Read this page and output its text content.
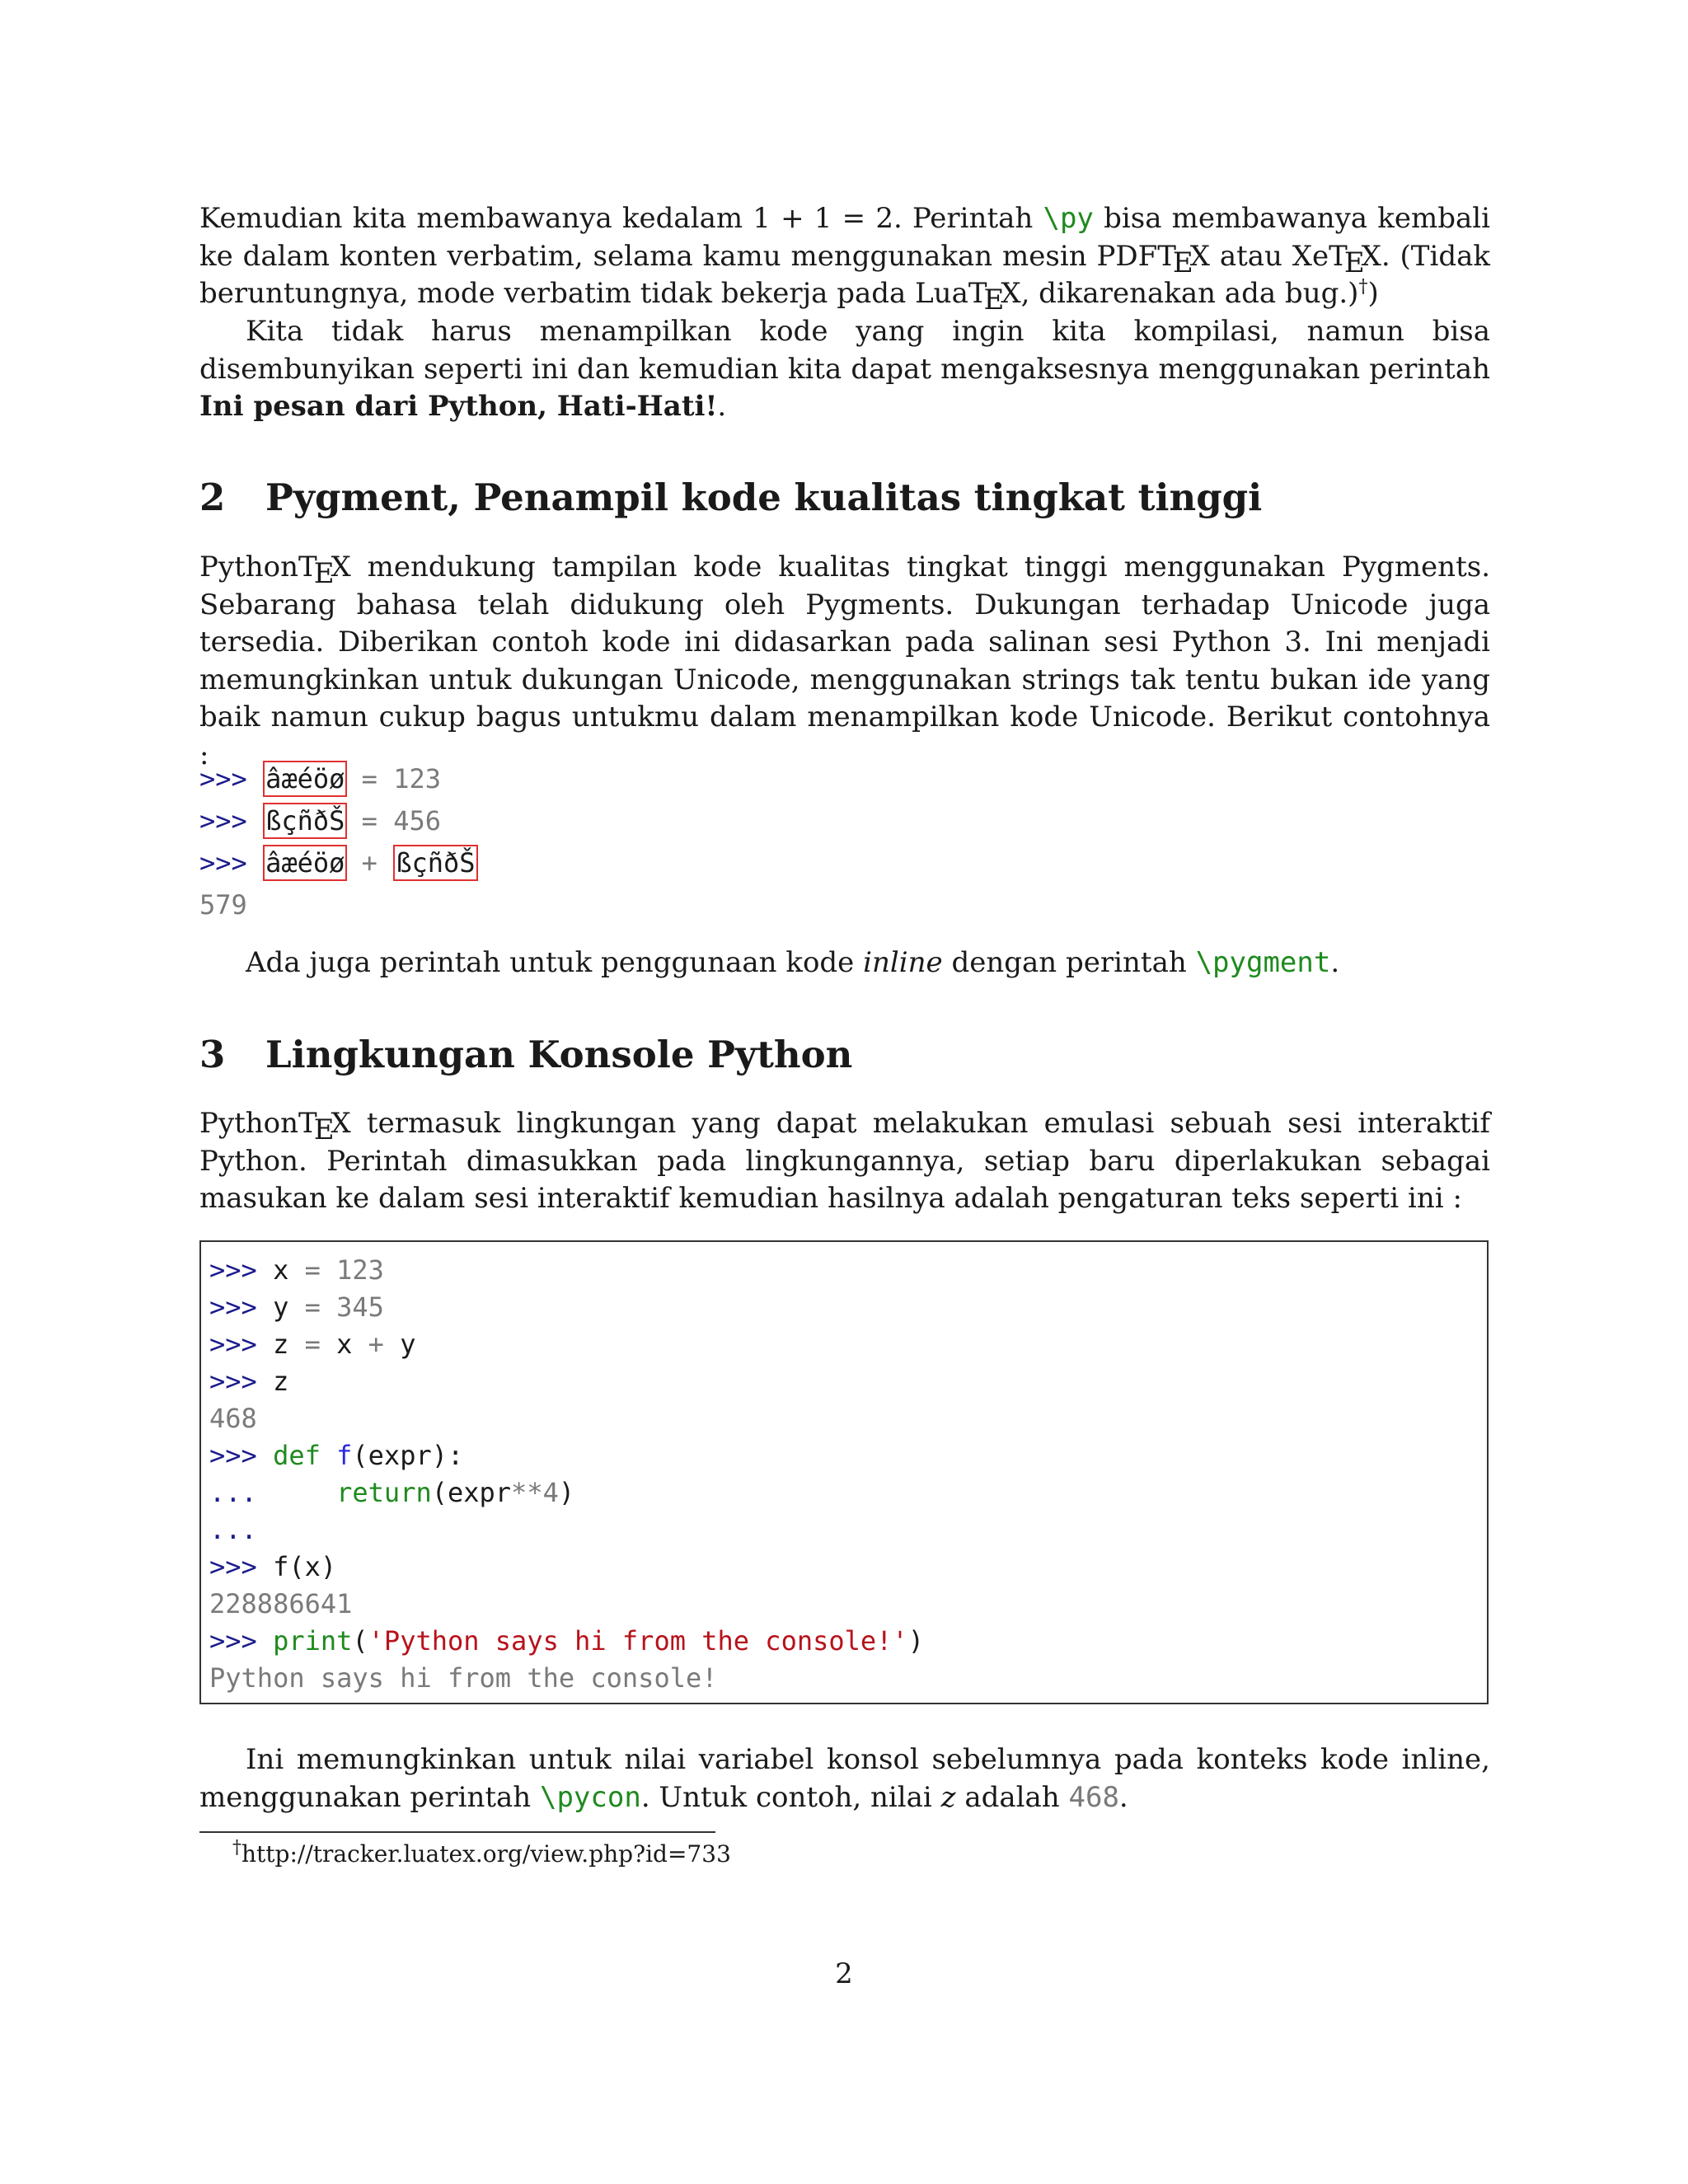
Kemudian kita membawanya kedalam 1 + 1 = 2. Perintah \py bisa membawanya kembali ke dalam konten verbatim, selama kamu menggunakan mesin PDFTEX atau XeTEX. (Tidak beruntungnya, mode verbatim tidak bekerja pada LuaTEX, dikarenakan ada bug.)†)

Kita tidak harus menampilkan kode yang ingin kita kompilasi, namun bisa disembunyikan seperti ini dan kemudian kita dapat mengaksesnya menggunakan perintah Ini pesan dari Python, Hati-Hati!.

2 Pygment, Penampil kode kualitas tingkat tinggi

PythonTEX mendukung tampilan kode kualitas tingkat tinggi menggunakan Pygments. Sebarang bahasa telah didukung oleh Pygments. Dukungan terhadap Unicode juga tersedia. Diberikan contoh kode ini didasarkan pada salinan sesi Python 3. Ini menjadi memungkinkan untuk dukungan Unicode, menggunakan strings tak tentu bukan ide yang baik namun cukup bagus untukmu dalam menampilkan kode Unicode. Berikut contohnya :

>>> âæéöø = 123
>>> ßçñðŠ = 456
>>> âæéöø + ßçñðŠ
579

Ada juga perintah untuk penggunaan kode inline dengan perintah \pygment.

3 Lingkungan Konsole Python

PythonTEX termasuk lingkungan yang dapat melakukan emulasi sebuah sesi interaktif Python. Perintah dimasukkan pada lingkungannya, setiap baru diperlakukan sebagai masukan ke dalam sesi interaktif kemudian hasilnya adalah pengaturan teks seperti ini :

>>> x = 123
>>> y = 345
>>> z = x + y
>>> z
468
>>> def f(expr):
...	return(expr**4)
...
>>> f(x)
228886641
>>> print('Python says hi from the console!')
Python says hi from the console!

Ini memungkinkan untuk nilai variabel konsol sebelumnya pada konteks kode inline, menggunakan perintah \pycon. Untuk contoh, nilai z adalah 468.

†http://tracker.luatex.org/view.php?id=733
2
